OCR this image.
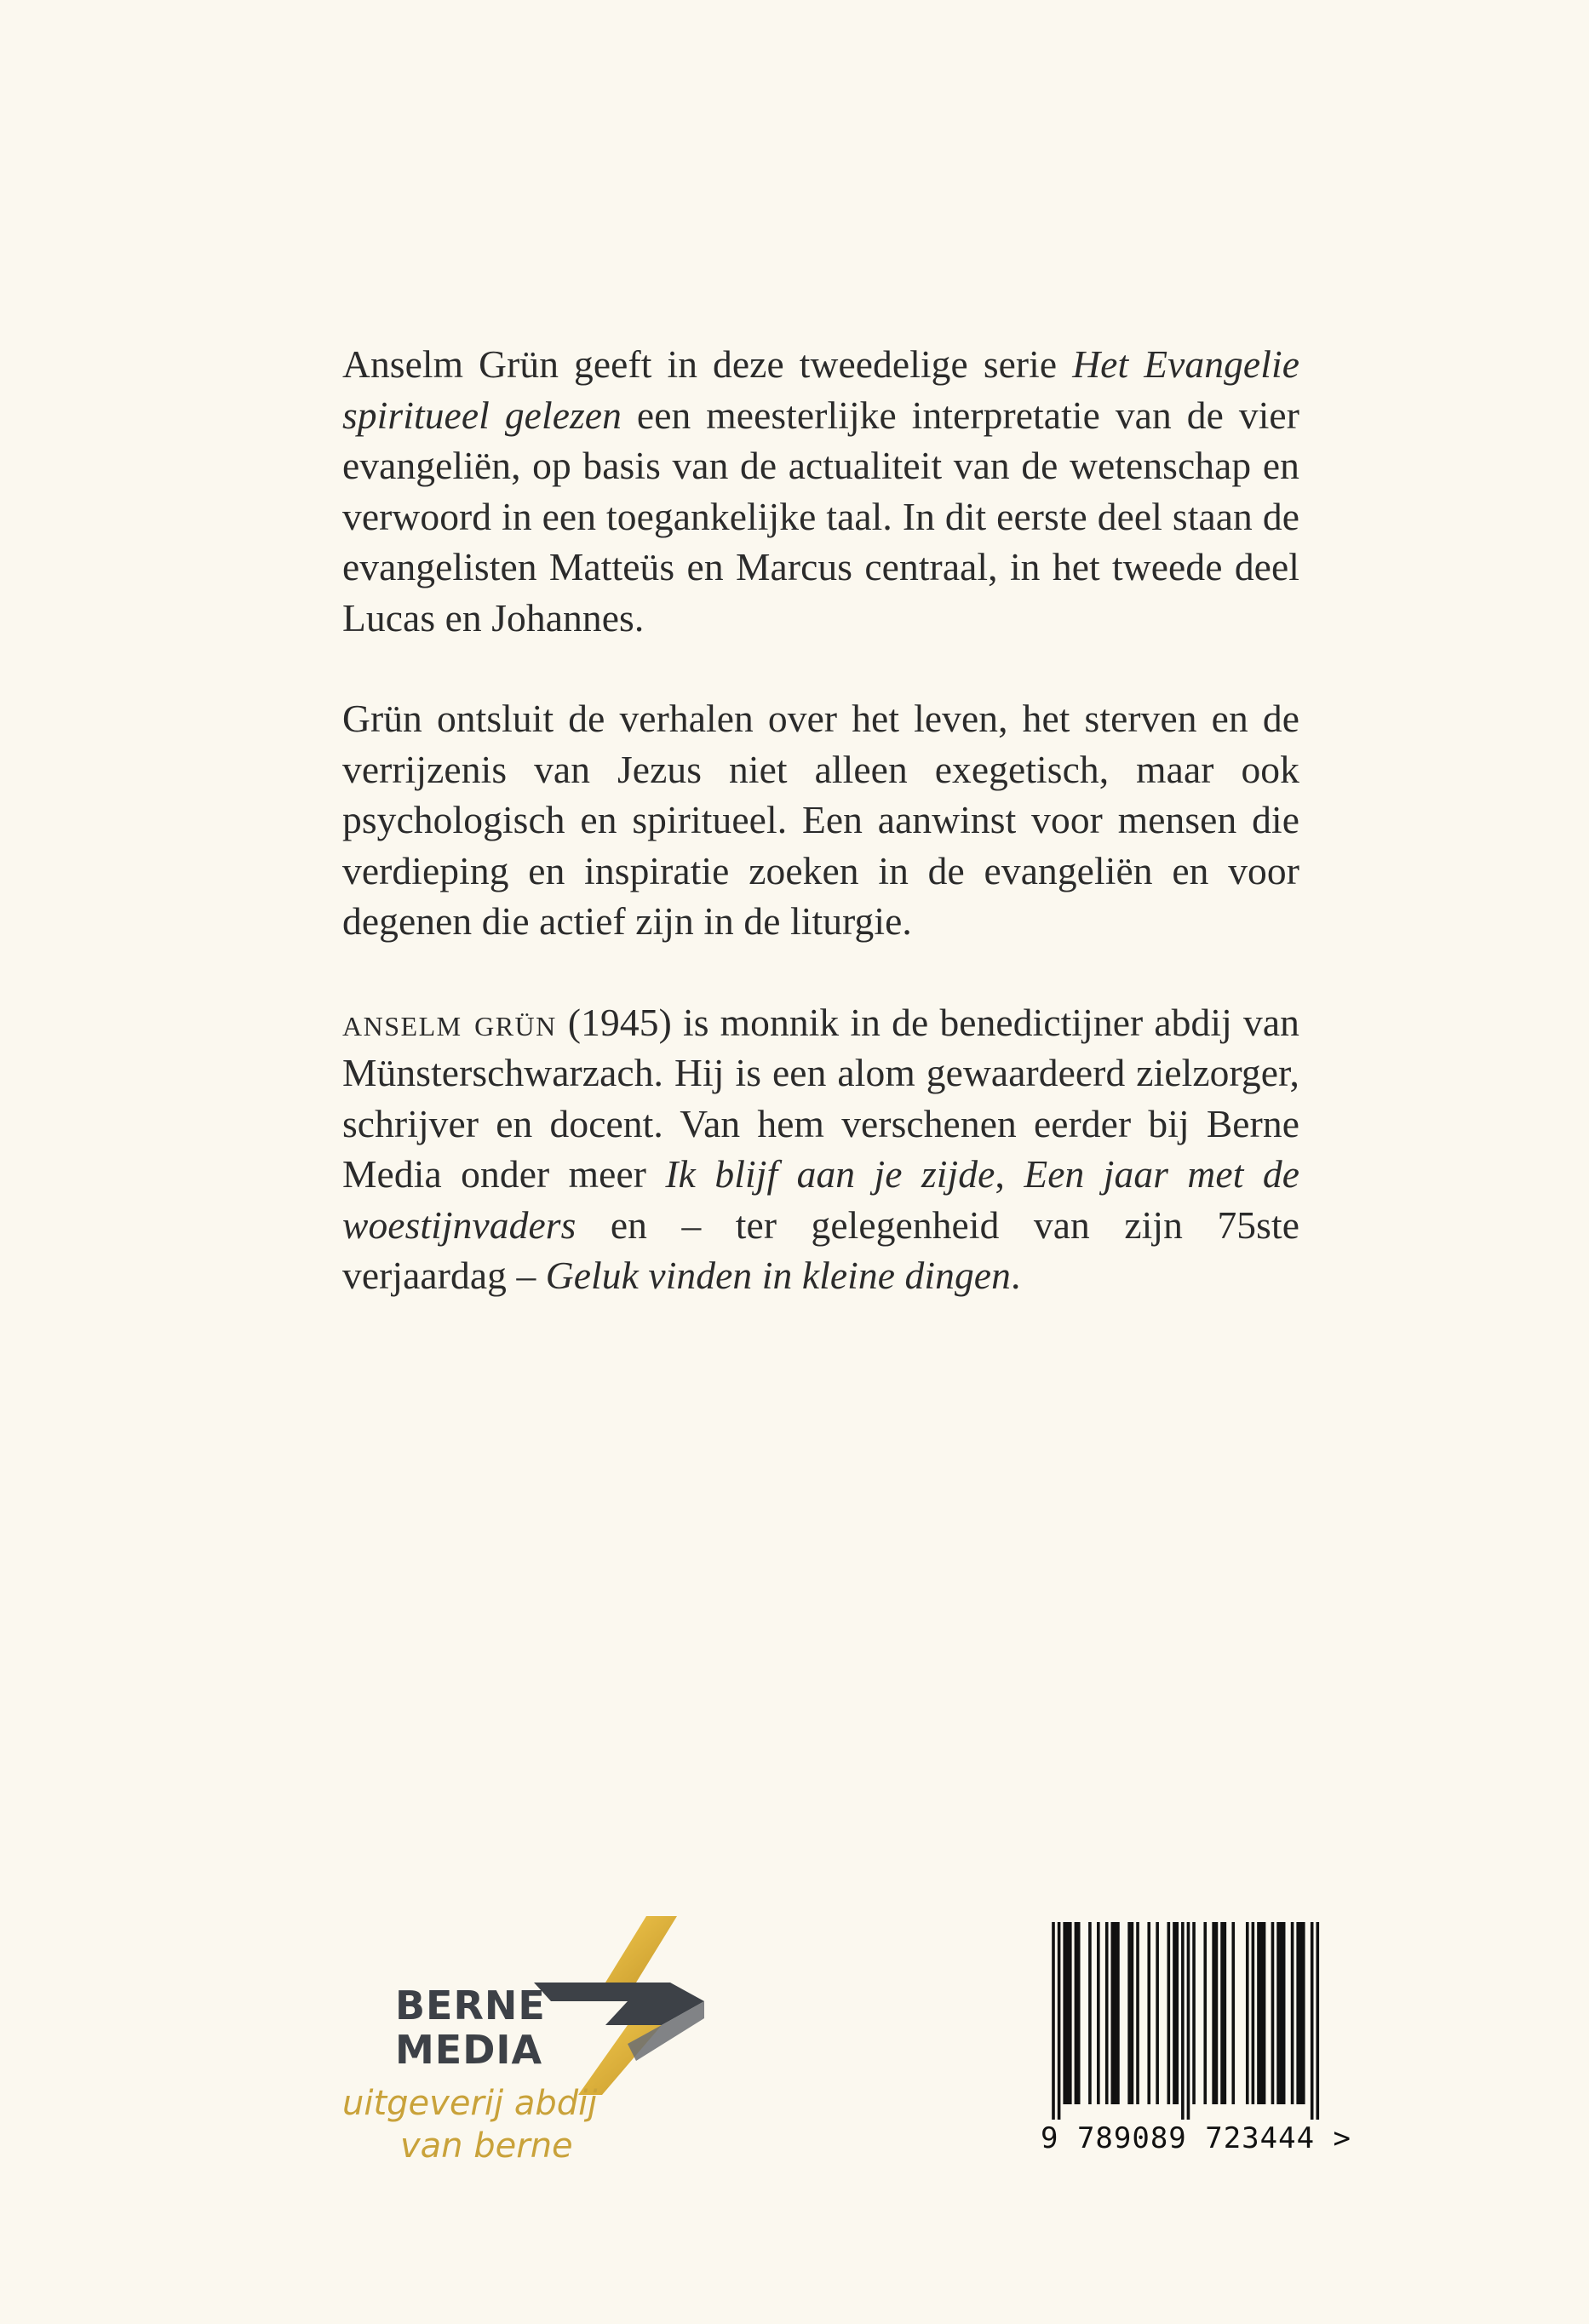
Anselm Grün geeft in deze tweedelige serie Het Evangelie spiritueel gelezen een meesterlijke interpretatie van de vier evangeliën, op basis van de actualiteit van de wetenschap en verwoord in een toegankelijke taal. In dit eerste deel staan de evangelisten Matteüs en Marcus centraal, in het tweede deel Lucas en Johannes.

Grün ontsluit de verhalen over het leven, het sterven en de verrijzenis van Jezus niet alleen exegetisch, maar ook psychologisch en spiritueel. Een aanwinst voor mensen die verdieping en inspiratie zoeken in de evangeliën en voor degenen die actief zijn in de liturgie.

anselm grün (1945) is monnik in de benedictijner abdij van Münsterschwarzach. Hij is een alom gewaardeerd zielzorger, schrijver en docent. Van hem verschenen eerder bij Berne Media onder meer Ik blijf aan je zijde, Een jaar met de woestijnvaders en – ter gelegenheid van zijn 75ste verjaardag – Geluk vinden in kleine dingen.

BERNE
MEDIA
uitgeverij abdij
van berne	9 789089 723444 >
